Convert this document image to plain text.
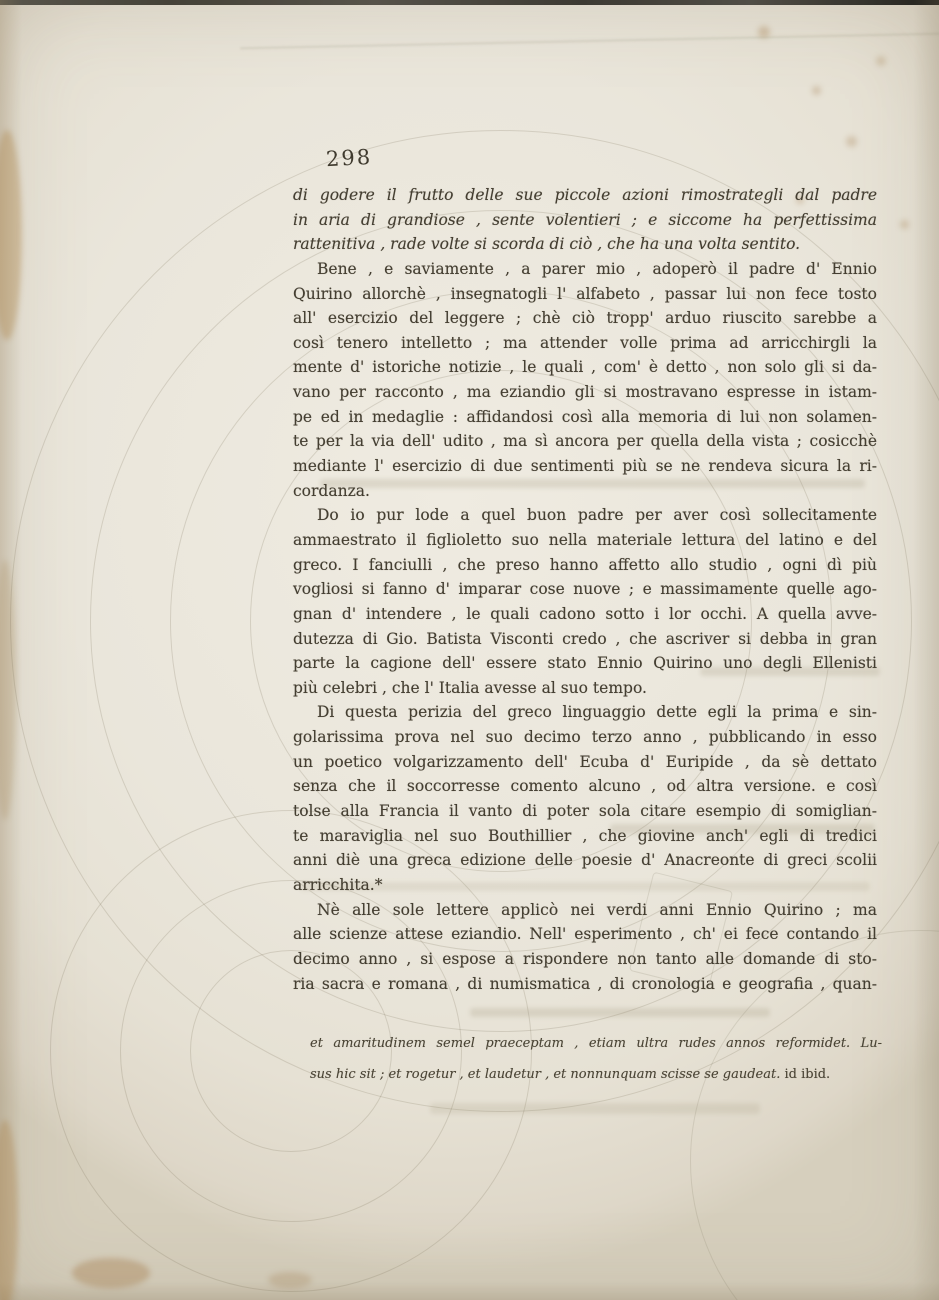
298
di godere il frutto delle sue piccole azioni rimostrategli dal padre
in aria di grandiose , sente volentieri ; e siccome ha perfettissima
rattenitiva , rade volte si scorda di ciò , che ha una volta sentito.
Bene , e saviamente , a parer mio , adoperò il padre d' Ennio
Quirino allorchè , insegnatogli l' alfabeto , passar lui non fece tosto
all' esercizio del leggere ; chè ciò tropp' arduo riuscito sarebbe a
così tenero intelletto ; ma attender volle prima ad arricchirgli la
mente d' istoriche notizie , le quali , com' è detto , non solo gli si da-
vano per racconto , ma eziandio gli si mostravano espresse in istam-
pe ed in medaglie : affidandosi così alla memoria di lui non solamen-
te per la via dell' udito , ma sì ancora per quella della vista ; cosicchè
mediante l' esercizio di due sentimenti più se ne rendeva sicura la ri-
cordanza.
Do io pur lode a quel buon padre per aver così sollecitamente
ammaestrato il figlioletto suo nella materiale lettura del latino e del
greco. I fanciulli , che preso hanno affetto allo studio , ogni dì più
vogliosi si fanno d' imparar cose nuove ; e massimamente quelle ago-
gnan d' intendere , le quali cadono sotto i lor occhi. A quella avve-
dutezza di Gio. Batista Visconti credo , che ascriver si debba in gran
parte la cagione dell' essere stato Ennio Quirino uno degli Ellenisti
più celebri , che l' Italia avesse al suo tempo.
Di questa perizia del greco linguaggio dette egli la prima e sin-
golarissima prova nel suo decimo terzo anno , pubblicando in esso
un poetico volgarizzamento dell' Ecuba d' Euripide , da sè dettato
senza che il soccorresse comento alcuno , od altra versione. e così
tolse alla Francia il vanto di poter sola citare esempio di somiglian-
te maraviglia nel suo Bouthillier , che giovine anch' egli di tredici
anni diè una greca edizione delle poesie d' Anacreonte di greci scolii
arricchita.*
Nè alle sole lettere applicò nei verdi anni Ennio Quirino ; ma
alle scienze attese eziandio. Nell' esperimento , ch' ei fece contando il
decimo anno , si espose a rispondere non tanto alle domande di sto-
ria sacra e romana , di numismatica , di cronologia e geografia , quan-
et amaritudinem semel praeceptam , etiam ultra rudes annos reformidet. Lu-
sus hic sit ; et rogetur , et laudetur , et nonnunquam scisse se gaudeat. id ibid.
